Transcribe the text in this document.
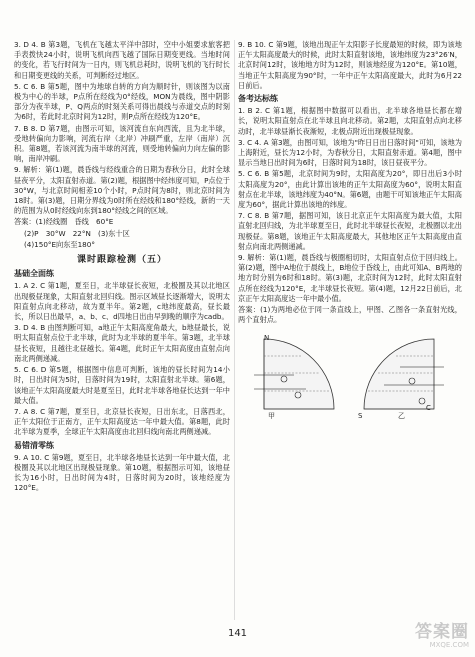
3. D 4. B 第3题，飞机在飞越太平洋中部时，空中小姐要求旅客把手表拨快24小时，说明飞机向西飞越了国际日期变更线。当地时间的变化，若飞行时间为一日内，则飞机总耗时，说明飞机的飞行时长和日期变更线的关系，可判断经过地区。

5. C 6. B 第5题，图中为地球自转的方向为顺时针，则该图为以南极为中心的半球，P点所在经线为0°经线，MON为晨线，图中阴影部分为夜半球，P、Q两点的时刻关系可得出晨线与赤道交点的时刻为6时，若此时北京时间为12时，则P点所在经线为120°E。

7. B 8. D 第7题，由图示可知，该河流自东向西流，且为北半球，受地转偏向力影响，河流右岸（北岸）冲刷严重，左岸（南岸）沉积。第8题，若该河流为南半球的河流，则受地转偏向力向左偏的影响，南岸冲刷。

9. 解析：第(1)题，晨昏线与经线重合的日期为春秋分日，此时全球昼夜平分，太阳直射赤道。第(2)题，根据图中经纬度可知，P点位于30°W，与北京时间相差10个小时，P点时间为8时，则北京时间为18时。第(3)题，日期分界线为0时所在经线和180°经线，新的一天的范围为从0时经线向东到180°经线之间的区域。

答案：(1)经线圈　昏线　60°E

(2)P　30°W　22°N　(3)东十区

(4)150°E向东至180°

课时跟踪检测（五）
基础全面练

1. A 2. C 第1题，夏至日，北半球昼长夜短，北极圈及其以北地区出现极昼现象，太阳直射北回归线。图示区域昼长逐渐增大，说明太阳直射点向北移动，故为夏半年。第2题，c地纬度最高，昼长最长，所以日出最早，a、b、c、d四地日出由早到晚的顺序为cadb。

3. D 4. B 由图判断可知，a地正午太阳高度角最大，b地昼最长，说明太阳直射点位于北半球，此时为北半球的夏半年。第3题，北半球昼长夜短，且越往北昼越长。第4题，此时正午太阳高度由直射点向南北两侧递减。

5. C 6. D 第5题，根据图中信息可判断，该地的昼长时间为14小时，日出时间为5时，日落时间为19时，太阳直射北半球。第6题，该地正午太阳高度最大时是夏至日，此时北半球各地昼长达到一年中最大值。

7. A 8. C 第7题，夏至日，北京昼长夜短，日出东北，日落西北，正午太阳位于正南方，正午太阳高度达一年中最大值。第8题，此时北半球为夏季，全球正午太阳高度由北回归线向南北两侧递减。

易错清零练

9. A 10. C 第9题，夏至日，北半球各地昼长达到一年中最大值，北极圈及其以北地区出现极昼现象。第10题，根据图示可知，该地昼长为16小时，日出时间为4时，日落时间为20时，该地经度为120°E。

9. B 10. C 第9题，该地出现正午太阳影子长度最短的时候，即为该地正午太阳高度最大的时候，此时太阳直射该地，该地纬度为23°26′N，北京时间12时，该地地方时为12时，则该地经度为120°E。第10题，当地正午太阳高度为90°时，一年中正午太阳高度最大，此时为6月22日前后。

备考达标练

1. B 2. C 第1题，根据图中数据可以看出，北半球各地昼长都在增长，说明太阳直射点在北半球且向北移动。第2题，太阳直射点向北移动时，北半球昼渐长夜渐短，北极点附近出现极昼现象。

3. C 4. A 第3题，由图可知，该地为"昨日日出日落时间"可知，该地为上海附近，昼长为12小时，为春秋分日，太阳直射赤道。第4题，图中显示当地日出时间为6时，日落时间为18时，该日昼夜平分。

5. C 6. B 第5题，北京时间为9时，太阳高度为20°，即日出后3小时太阳高度为20°，由此计算出该地的正午太阳高度为60°，说明太阳直射点在北半球，该地纬度为40°N。第6题，由题干可知该地正午太阳高度为60°，据此计算出该地的纬度。

7. C 8. B 第7题，据图可知，该日北京正午太阳高度为最大值，太阳直射北回归线，为北半球夏至日，此时北半球昼长夜短，北极圈以北出现极昼。第8题，该地正午太阳高度最大，其他地区正午太阳高度由直射点向南北两侧递减。

9. 解析：第(1)题，晨昏线与极圈相切时，太阳直射点位于回归线上。第(2)题，图中A地位于晨线上，B地位于昏线上，由此可知A、B两地的地方时分别为6时和18时。第(3)题，北京时间为12时，此时太阳直射点所在经线为120°E，北半球昼长夜短。第(4)题，12月22日前后，北京正午太阳高度达一年中最小值。

答案：(1)为两地必位于同一条直线上，甲图、乙图各一条直射光线，两个直射点。

N
甲	S
C
乙
141	答案圈
MXQE.COM
